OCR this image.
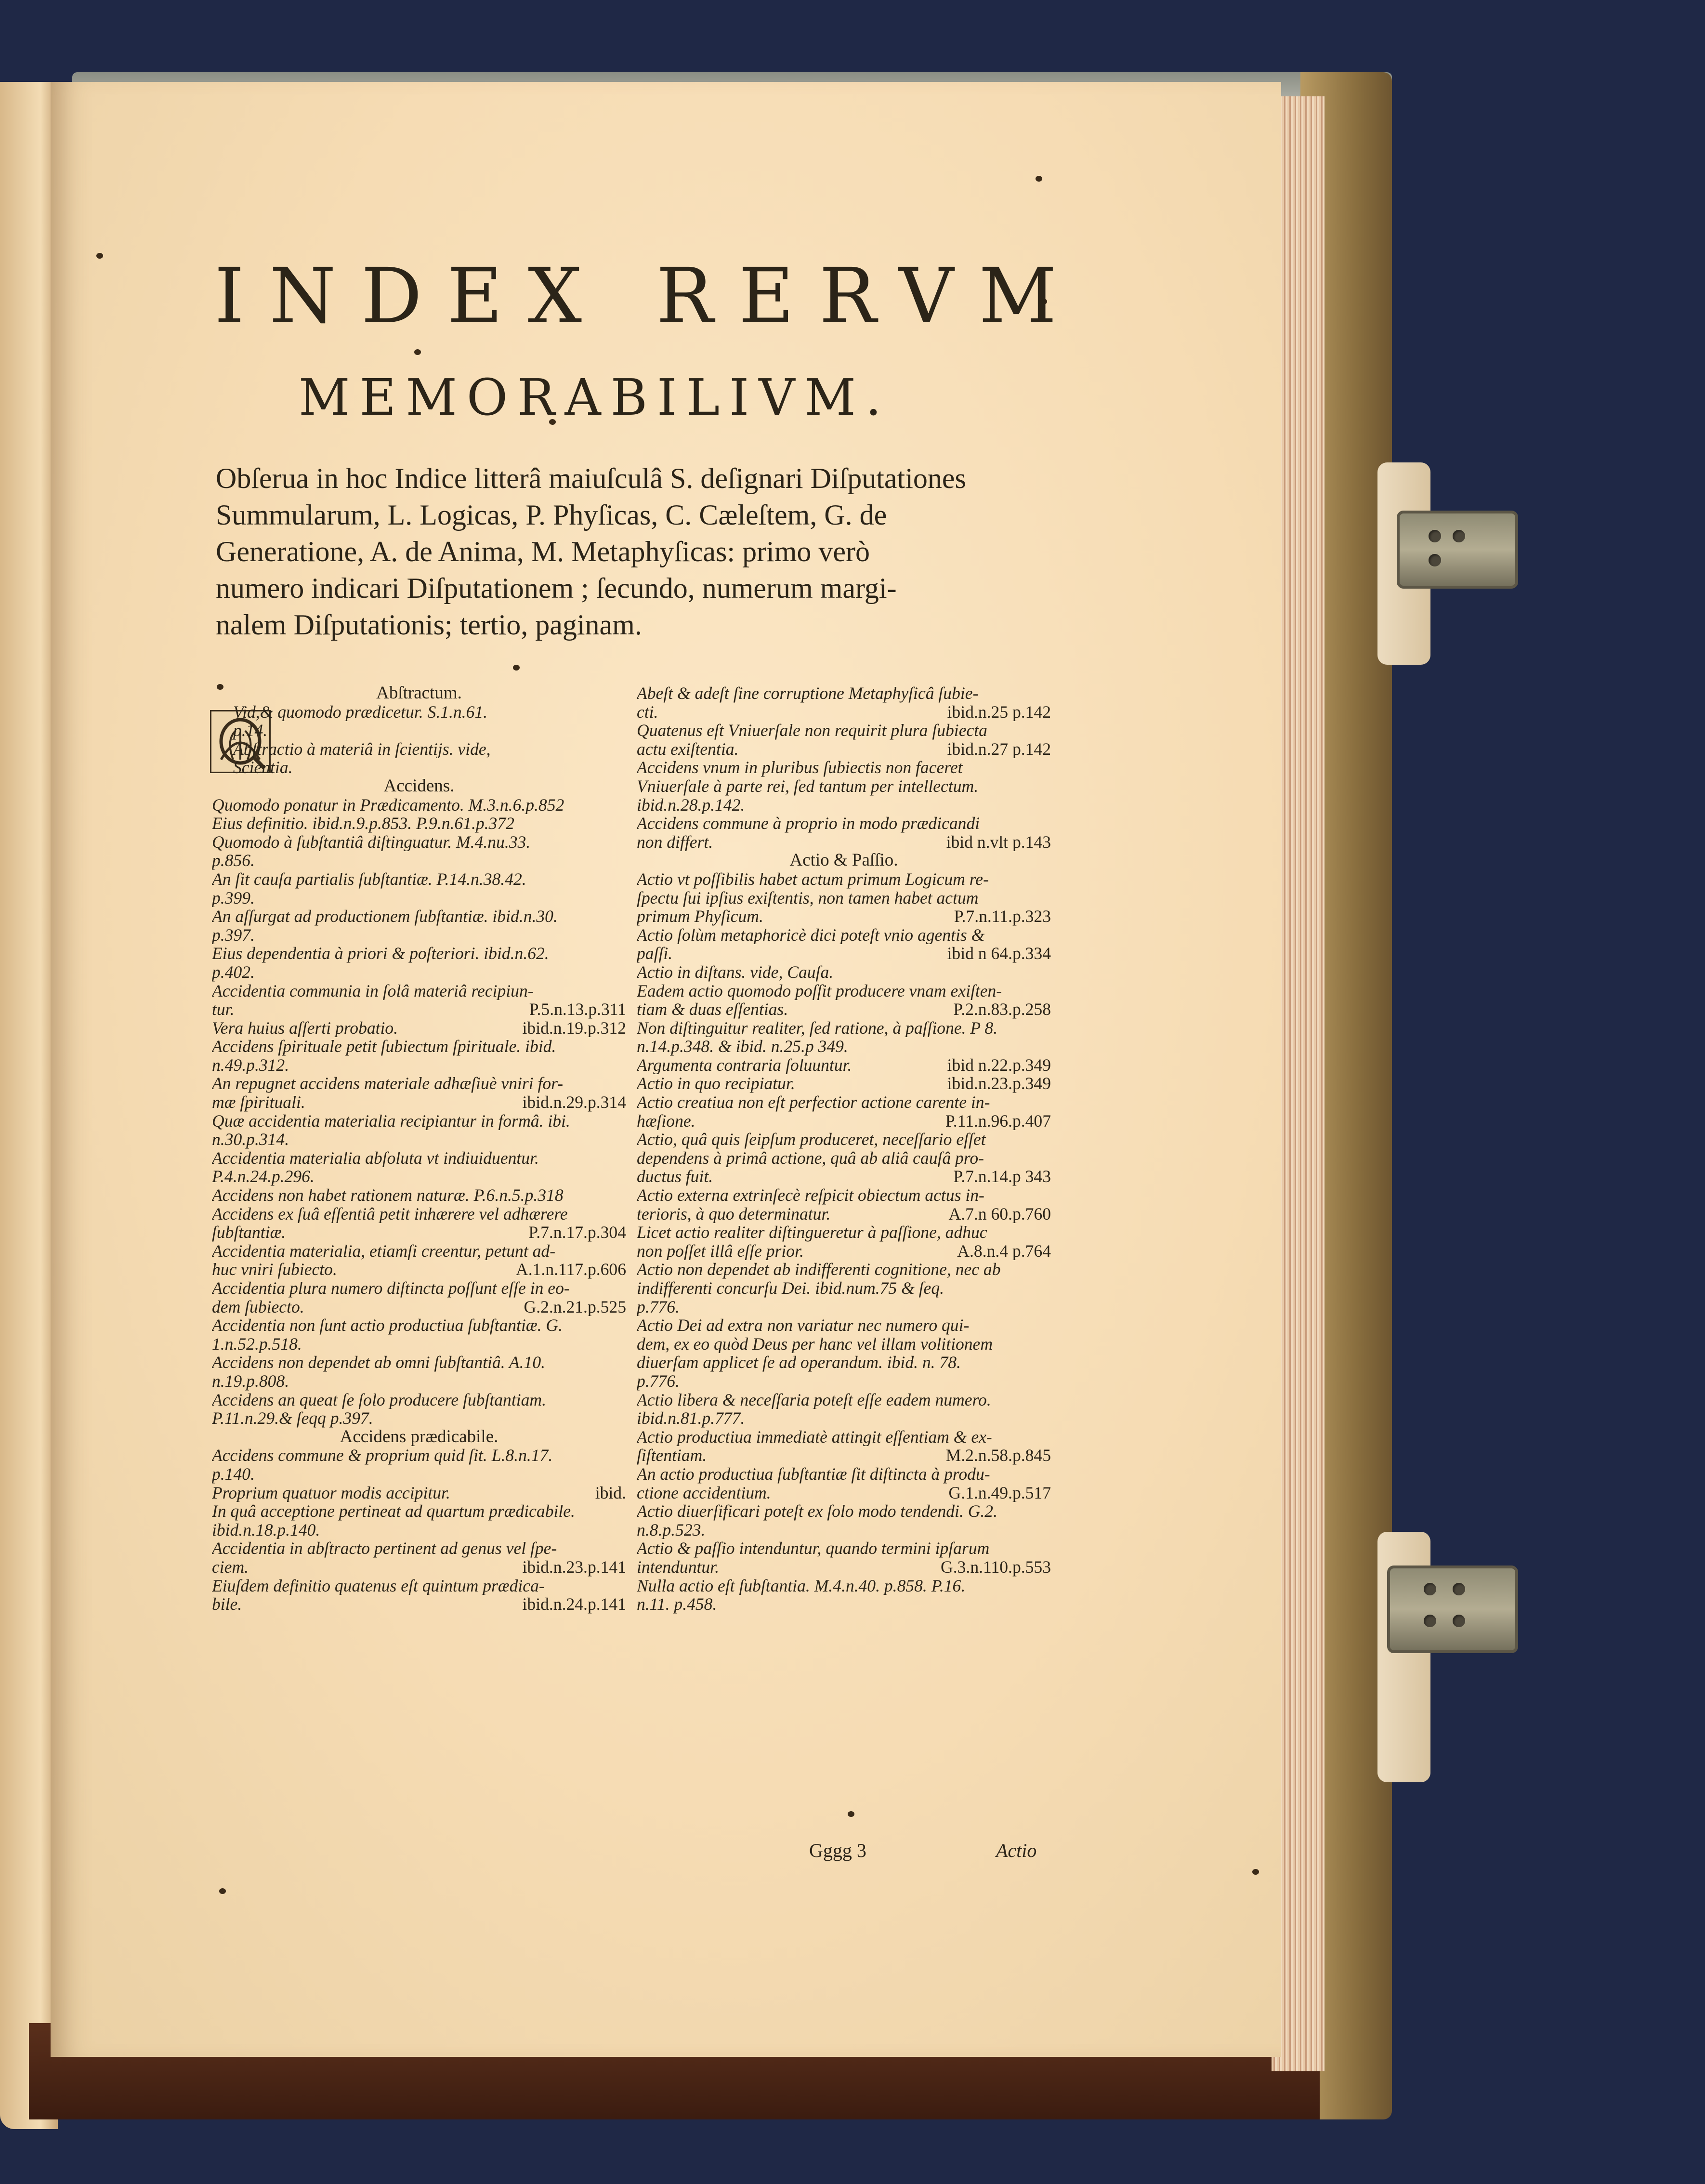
INDEX RERVM
MEMORABILIVM.
Obſerua in hoc Indice litterâ maiuſculâ S. deſignari Diſputationes
Summularum, L. Logicas, P. Phyſicas, C. Cæleſtem, G. de
Generatione, A. de Anima, M. Metaphyſicas: primo verò
numero indicari Diſputationem ; ſecundo, numerum margi-
nalem Diſputationis; tertio, paginam.
Abſtractum.
Vid,& quomodo prædicetur. S.1.n.61.
p.14.
Abſtractio à materiâ in ſcientijs. vide,
Scientia.
Accidens.
Quomodo ponatur in Prædicamento. M.3.n.6.p.852
Eius definitio. ibid.n.9.p.853. P.9.n.61.p.372
Quomodo à ſubſtantiâ diſtinguatur. M.4.nu.33.
p.856.
An ſit cauſa partialis ſubſtantiæ. P.14.n.38.42.
p.399.
An aſſurgat ad productionem ſubſtantiæ. ibid.n.30.
p.397.
Eius dependentia à priori & poſteriori. ibid.n.62.
p.402.
Accidentia communia in ſolâ materiâ recipiun-
tur.	P.5.n.13.p.311
Vera huius aſſerti probatio.	ibid.n.19.p.312
Accidens ſpirituale petit ſubiectum ſpirituale. ibid.
n.49.p.312.
An repugnet accidens materiale adhæſiuè vniri for-
mæ ſpirituali.	ibid.n.29.p.314
Quæ accidentia materialia recipiantur in formâ. ibi.
n.30.p.314.
Accidentia materialia abſoluta vt indiuiduentur.
P.4.n.24.p.296.
Accidens non habet rationem naturæ. P.6.n.5.p.318
Accidens ex ſuâ eſſentiâ petit inhærere vel adhærere
ſubſtantiæ.	P.7.n.17.p.304
Accidentia materialia, etiamſi creentur, petunt ad-
huc vniri ſubiecto.	A.1.n.117.p.606
Accidentia plura numero diſtincta poſſunt eſſe in eo-
dem ſubiecto.	G.2.n.21.p.525
Accidentia non ſunt actio productiua ſubſtantiæ. G.
1.n.52.p.518.
Accidens non dependet ab omni ſubſtantiâ. A.10.
n.19.p.808.
Accidens an queat ſe ſolo producere ſubſtantiam.
P.11.n.29.& ſeqq p.397.
Accidens prædicabile.
Accidens commune & proprium quid ſit. L.8.n.17.
p.140.
Proprium quatuor modis accipitur.	ibid.
In quâ acceptione pertineat ad quartum prædicabile.
ibid.n.18.p.140.
Accidentia in abſtracto pertinent ad genus vel ſpe-
ciem.	ibid.n.23.p.141
Eiuſdem definitio quatenus eſt quintum prædica-
bile.	ibid.n.24.p.141
Abeſt & adeſt ſine corruptione Metaphyſicâ ſubie-
cti.	ibid.n.25 p.142
Quatenus eſt Vniuerſale non requirit plura ſubiecta
actu exiſtentia.	ibid.n.27 p.142
Accidens vnum in pluribus ſubiectis non faceret
Vniuerſale à parte rei, ſed tantum per intellectum.
ibid.n.28.p.142.
Accidens commune à proprio in modo prædicandi
non differt.	ibid n.vlt p.143
Actio & Paſſio.
Actio vt poſſibilis habet actum primum Logicum re-
ſpectu ſui ipſius exiſtentis, non tamen habet actum
primum Phyſicum.	P.7.n.11.p.323
Actio ſolùm metaphoricè dici poteſt vnio agentis &
paſſi.	ibid n 64.p.334
Actio in diſtans. vide, Cauſa.
Eadem actio quomodo poſſit producere vnam exiſten-
tiam & duas eſſentias.	P.2.n.83.p.258
Non diſtinguitur realiter, ſed ratione, à paſſione. P 8.
n.14.p.348. & ibid. n.25.p 349.
Argumenta contraria ſoluuntur.	ibid n.22.p.349
Actio in quo recipiatur.	ibid.n.23.p.349
Actio creatiua non eſt perfectior actione carente in-
hæſione.	P.11.n.96.p.407
Actio, quâ quis ſeipſum produceret, neceſſario eſſet
dependens à primâ actione, quâ ab aliâ cauſâ pro-
ductus fuit.	P.7.n.14.p 343
Actio externa extrinſecè reſpicit obiectum actus in-
terioris, à quo determinatur.	A.7.n 60.p.760
Licet actio realiter diſtingueretur à paſſione, adhuc
non poſſet illâ eſſe prior.	A.8.n.4 p.764
Actio non dependet ab indifferenti cognitione, nec ab
indifferenti concurſu Dei. ibid.num.75 & ſeq.
p.776.
Actio Dei ad extra non variatur nec numero qui-
dem, ex eo quòd Deus per hanc vel illam volitionem
diuerſam applicet ſe ad operandum. ibid. n. 78.
p.776.
Actio libera & neceſſaria poteſt eſſe eadem numero.
ibid.n.81.p.777.
Actio productiua immediatè attingit eſſentiam & ex-
ſiſtentiam.	M.2.n.58.p.845
An actio productiua ſubſtantiæ ſit diſtincta à produ-
ctione accidentium.	G.1.n.49.p.517
Actio diuerſificari poteſt ex ſolo modo tendendi. G.2.
n.8.p.523.
Actio & paſſio intenduntur, quando termini ipſarum
intenduntur.	G.3.n.110.p.553
Nulla actio eſt ſubſtantia. M.4.n.40. p.858. P.16.
n.11. p.458.
Gggg 3	Actio
